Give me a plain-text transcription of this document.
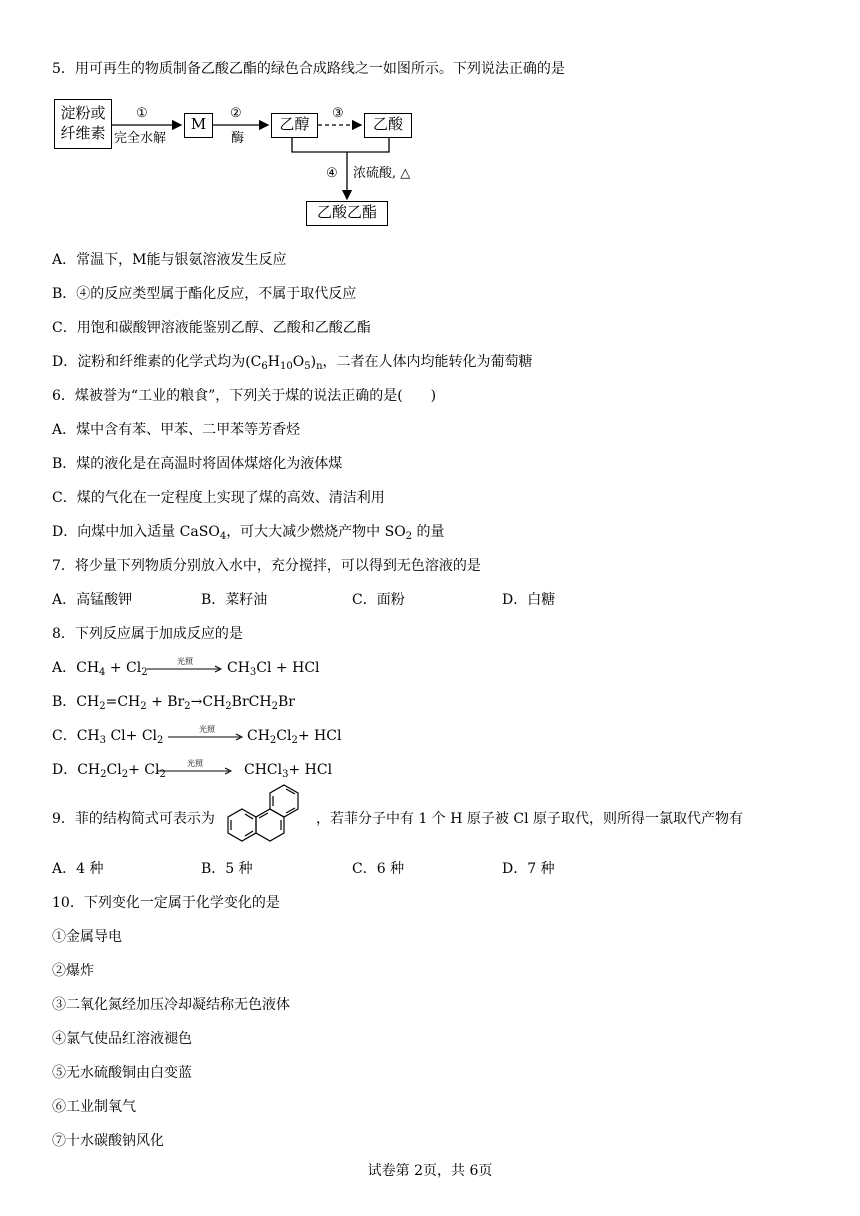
5．用可再生的物质制备乙酸乙酯的绿色合成路线之一如图所示。下列说法正确的是
淀粉或
纤维素
①
完全水解
M
②
酶
乙醇
③
乙酸
④ 浓硫酸, △
乙酸乙酯
A．常温下，M能与银氨溶液发生反应
B．④的反应类型属于酯化反应，不属于取代反应
C．用饱和碳酸钾溶液能鉴别乙醇、乙酸和乙酸乙酯
D．淀粉和纤维素的化学式均为$(C_6H_{10}O_5)_n$，二者在人体内均能转化为葡萄糖
6．煤被誉为“工业的粮食”，下列关于煤的说法正确的是(　　)
A．煤中含有苯、甲苯、二甲苯等芳香烃
B．煤的液化是在高温时将固体煤熔化为液体煤
C．煤的气化在一定程度上实现了煤的高效、清洁利用
D．向煤中加入适量 CaSO$_4$，可大大减少燃烧产物中 $SO_2$ 的量
7．将少量下列物质分别放入水中，充分搅拌，可以得到无色溶液的是
A．高锰酸钾	B．菜籽油	C．面粉	D．白糖
8．下列反应属于加成反应的是
A．$CH_4 + Cl_2$
光照 $CH_3Cl$ + HCl
B．$CH_2=CH_2$ + $Br_2\to CH_2BrCH_2Br$
C．$CH_3$ $Cl+ Cl_2$
光照 $CH_2Cl_2+$ HCl
D．$CH_2Cl_2+ Cl_2$
光照	CHCl$_3$+ HCl
9．菲的结构简式可表示为	，若菲分子中有 1 个 H 原子被 Cl 原子取代，则所得一氯取代产物有
A．4 种	B．5 种	C．6 种	D．7 种
10．下列变化一定属于化学变化的是
①金属导电
②爆炸
③二氧化氮经加压冷却凝结称无色液体
④氯气使品红溶液褪色
⑤无水硫酸铜由白变蓝
⑥工业制氧气
⑦十水碳酸钠风化
试卷第 2页，共 6页
